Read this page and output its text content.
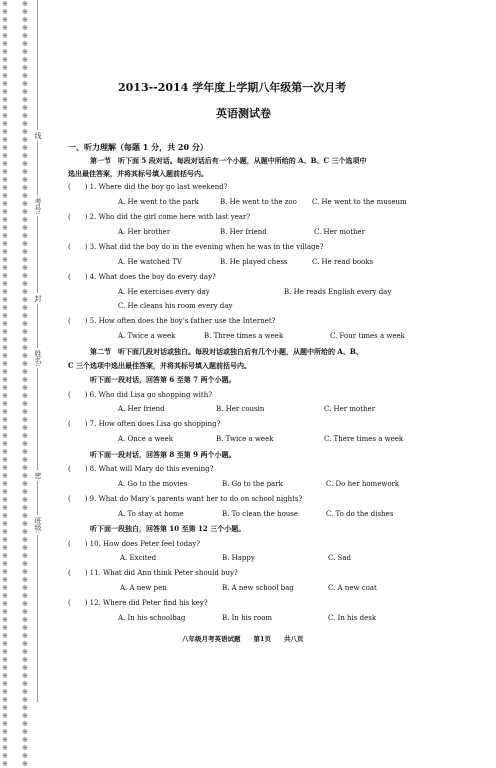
※※※※※※※※※※※※※※※※※※※※※※※※※※※※※※※※※※※※※※※※※※※※※※※※※※※※※※※※※※※※※※※※※※※※※※※※※※※※※※※※※※※※※※※※※※※※※※※※
※※※※※※※※※※※※※※※※※※※※※※※※※※※※※※※※※※※※※※※※※※※※※※※※※※※※※※※※※※※※※※※※※※※※※※※※※※※※※※※※※※※※※※※※※※※※※※※※
线
考号:
封
姓名:
密
班级:
2013--2014 学年度上学期八年级第一次月考
英语测试卷
一、听力理解（每题 1 分，共 20 分）
第一节　听下面 5 段对话。每段对话后有一个小题，从题中所给的 A、B、C 三个选项中
选出最佳答案，并将其标号填入题前括号内。
(　　) 1. Where did the boy go last weekend?
A. He went to the park	B. He went to the zoo C. He went to the museum
(　　) 2. Who did the girl come here with last year?
A. Her brother	B. Her friend	C. Her mother
(　　) 3. What did the boy do in the evening when he was in the village?
A. He watched TV	B. He played chess	C. He read books
(　　) 4. What does the boy do every day?
A. He exercises every day	B. He reads English every day
C. He cleans his room every day
(　　) 5. How often does the boy’s father use the Internet?
A. Twice a week	B. Three times a week	C. Four times a week
第二节　听下面几段对话或独白。每段对话或独白后有几个小题，从题中所给的 A、B、
C 三个选项中选出最佳答案，并将其标号填入题前括号内。
听下面一段对话，回答第 6 至第 7 两个小题。
(　　) 6. Who did Lisa go shopping with?
A. Her friend	B. Her cousin	C. Her mother
(　　) 7. How often does Lisa go shopping?
A. Once a week	B. Twice a week	C. There times a week
听下面一段对话，回答第 8 至第 9 两个小题。
(　　) 8. What will Mary do this evening?
A. Go to the movies	B. Go to the park	C. Do her homework
(　　) 9. What do Mary’s parents want her to do on school nights?
A. To stay at home	B. To clean the house	C. To do the dishes
听下面一段独白，回答第 10 至第 12 三个小题。
(　　) 10. How does Peter feel today?
A. Excited	B. Happy	C. Sad
(　　) 11. What did Ann think Peter should buy?
A. A new pen	B. A new school bag	C. A new coat
(　　) 12. Where did Peter find his key?
A. In his schoolbag	B. In his room	C. In his desk
八年级月考英语试题　　第1页　　共八页
